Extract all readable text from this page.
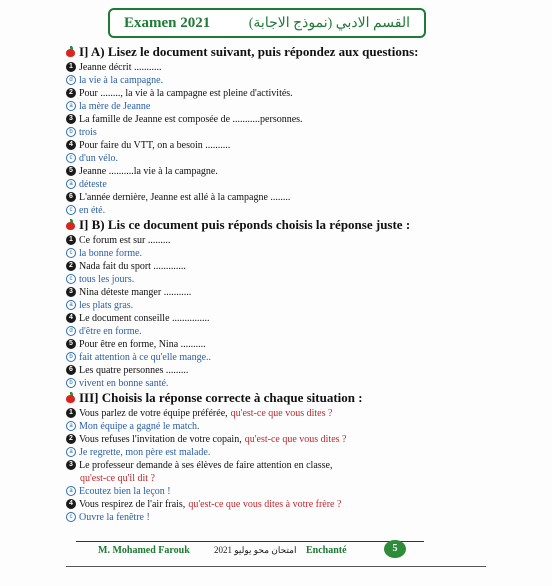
Examen 2021	القسم الادبي (نموذج الاجابة)
I] A) Lisez le document suivant, puis répondez aux questions:
1 Jeanne décrit ...........
d la vie à la campagne.
2 Pour ........, la vie à la campagne est pleine d'activités.
a la mère de Jeanne
3 La famille de Jeanne est composée de ...........personnes.
b trois
4 Pour faire du VTT, on a besoin ..........
c d'un vélo.
5 Jeanne ..........la vie à la campagne.
a déteste
6 L'année dernière, Jeanne est allé à la campagne ........
c en été.
I] B) Lis ce document puis réponds choisis la réponse juste :
1 Ce forum est sur .........
c la bonne forme.
2 Nada fait du sport .............
c tous les jours.
3 Nina déteste manger ...........
a les plats gras.
4 Le document conseille ...............
d d'être en forme.
5 Pour être en forme, Nina ..........
b fait attention à ce qu'elle mange..
6 Les quatre personnes .........
b vivent en bonne santé.
III] Choisis la réponse correcte à chaque situation :
1 Vous parlez de votre équipe préférée, qu'est-ce que vous dites ?
a Mon équipe a gagné le match.
2 Vous refuses l'invitation de votre copain, qu'est-ce que vous dites ?
a Je regrette, mon père est malade.
3 Le professeur demande à ses élèves de faire attention en classe,
qu'est-ce qu'il dit ?
a Ecoutez bien la leçon !
4 Vous respirez de l'air frais, qu'est-ce que vous dites à votre frère ?
c Ouvre la fenêtre !
M. Mohamed Farouk	امتحان محو يوليو 2021 Enchanté	5
